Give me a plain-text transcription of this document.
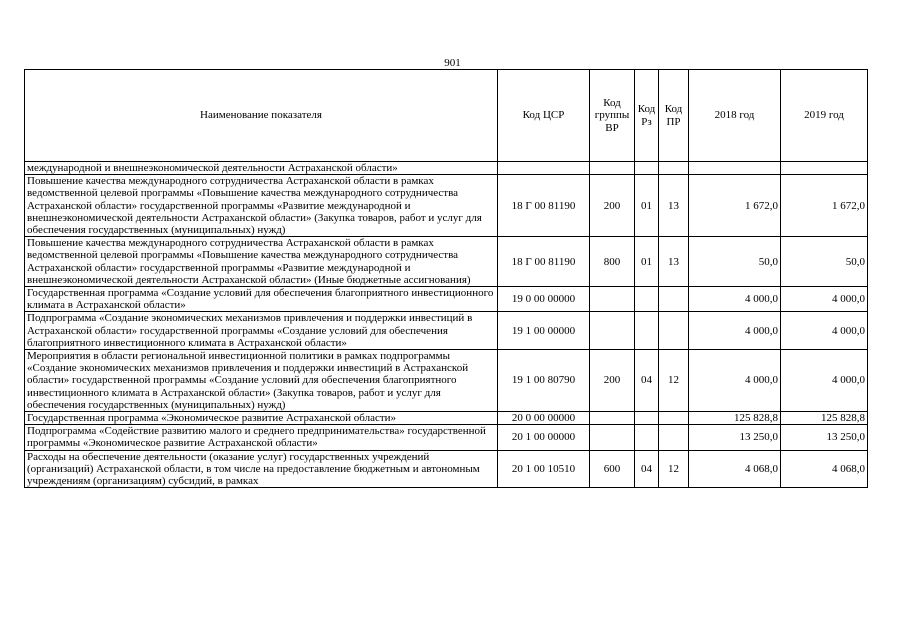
901
Наименование показателя	Код ЦСР	Код группы ВР	Код Рз	Код ПР	2018 год	2019 год
международной и внешнеэкономической деятельности Астраханской области»						
Повышение качества международного сотрудничества Астраханской области в рамках ведомственной целевой программы «Повышение качества международного сотрудничества Астраханской области» государственной программы «Развитие международной и внешнеэкономической деятельности Астраханской области» (Закупка товаров, работ и услуг для обеспечения государственных (муниципальных) нужд)	18 Г 00 81190	200	01	13	1 672,0	1 672,0
Повышение качества международного сотрудничества Астраханской области в рамках ведомственной целевой программы «Повышение качества международного сотрудничества Астраханской области» государственной программы «Развитие международной и внешнеэкономической деятельности Астраханской области» (Иные бюджетные ассигнования)	18 Г 00 81190	800	01	13	50,0	50,0
Государственная программа «Создание условий для обеспечения благоприятного инвестиционного климата в Астраханской области»	19 0 00 00000				4 000,0	4 000,0
Подпрограмма «Создание экономических механизмов привлечения и поддержки инвестиций в Астраханской области» государственной программы «Создание условий для обеспечения благоприятного инвестиционного климата в Астраханской области»	19 1 00 00000				4 000,0	4 000,0
Мероприятия в области региональной инвестиционной политики в рамках подпрограммы «Создание экономических механизмов привлечения и поддержки инвестиций в Астраханской области» государственной программы «Создание условий для обеспечения благоприятного инвестиционного климата в Астраханской области» (Закупка товаров, работ и услуг для обеспечения государственных (муниципальных) нужд)	19 1 00 80790	200	04	12	4 000,0	4 000,0
Государственная программа «Экономическое развитие Астраханской области»	20 0 00 00000				125 828,8	125 828,8
Подпрограмма «Содействие развитию малого и среднего предпринимательства» государственной программы «Экономическое развитие Астраханской области»	20 1 00 00000				13 250,0	13 250,0
Расходы на обеспечение деятельности (оказание услуг) государственных учреждений (организаций) Астраханской области, в том числе на предоставление бюджетным и автономным учреждениям (организациям) субсидий, в рамках	20 1 00 10510	600	04	12	4 068,0	4 068,0
